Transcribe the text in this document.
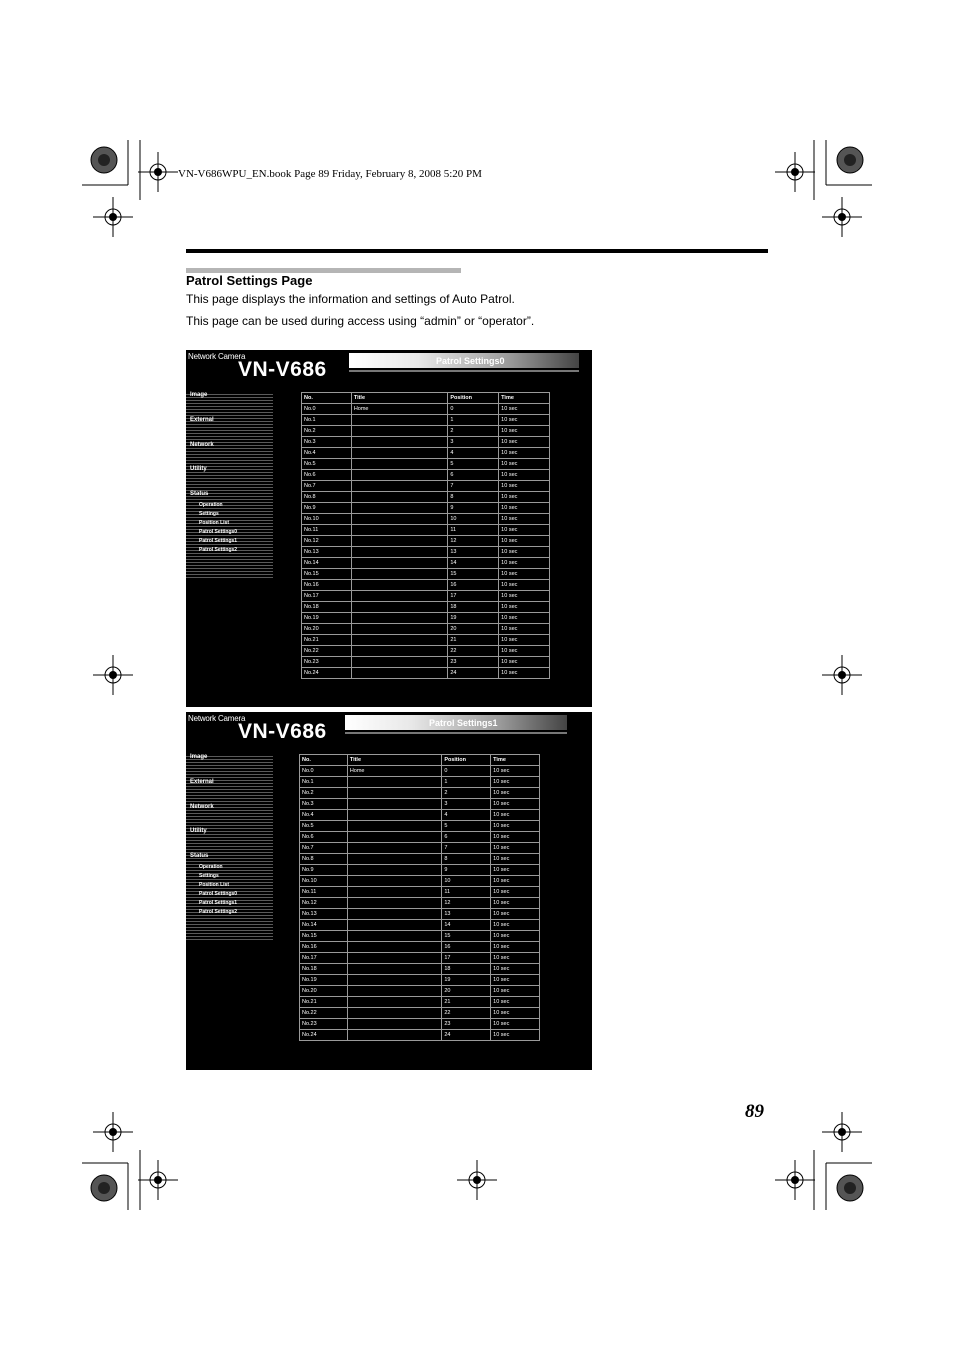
VN-V686WPU_EN.book Page 89 Friday, February 8, 2008 5:20 PM
Patrol Settings Page
This page displays the information and settings of Auto Patrol.
This page can be used during access using “admin” or “operator”.
Network Camera
VN-V686	Patrol Settings0
Image
External
Network
Utility
Status
Operation
Settings
Position List
Patrol Settings0
Patrol Settings1
Patrol Settings2
No.	Title	Position	Time
No.0	Home	0	10 sec
No.1		1	10 sec
No.2		2	10 sec
No.3		3	10 sec
No.4		4	10 sec
No.5		5	10 sec
No.6		6	10 sec
No.7		7	10 sec
No.8		8	10 sec
No.9		9	10 sec
No.10		10	10 sec
No.11		11	10 sec
No.12		12	10 sec
No.13		13	10 sec
No.14		14	10 sec
No.15		15	10 sec
No.16		16	10 sec
No.17		17	10 sec
No.18		18	10 sec
No.19		19	10 sec
No.20		20	10 sec
No.21		21	10 sec
No.22		22	10 sec
No.23		23	10 sec
No.24		24	10 sec
Network Camera
VN-V686	Patrol Settings1
Image
External
Network
Utility
Status
Operation
Settings
Position List
Patrol Settings0
Patrol Settings1
Patrol Settings2
No.	Title	Position	Time
No.0	Home	0	10 sec
No.1		1	10 sec
No.2		2	10 sec
No.3		3	10 sec
No.4		4	10 sec
No.5		5	10 sec
No.6		6	10 sec
No.7		7	10 sec
No.8		8	10 sec
No.9		9	10 sec
No.10		10	10 sec
No.11		11	10 sec
No.12		12	10 sec
No.13		13	10 sec
No.14		14	10 sec
No.15		15	10 sec
No.16		16	10 sec
No.17		17	10 sec
No.18		18	10 sec
No.19		19	10 sec
No.20		20	10 sec
No.21		21	10 sec
No.22		22	10 sec
No.23		23	10 sec
No.24		24	10 sec
89
